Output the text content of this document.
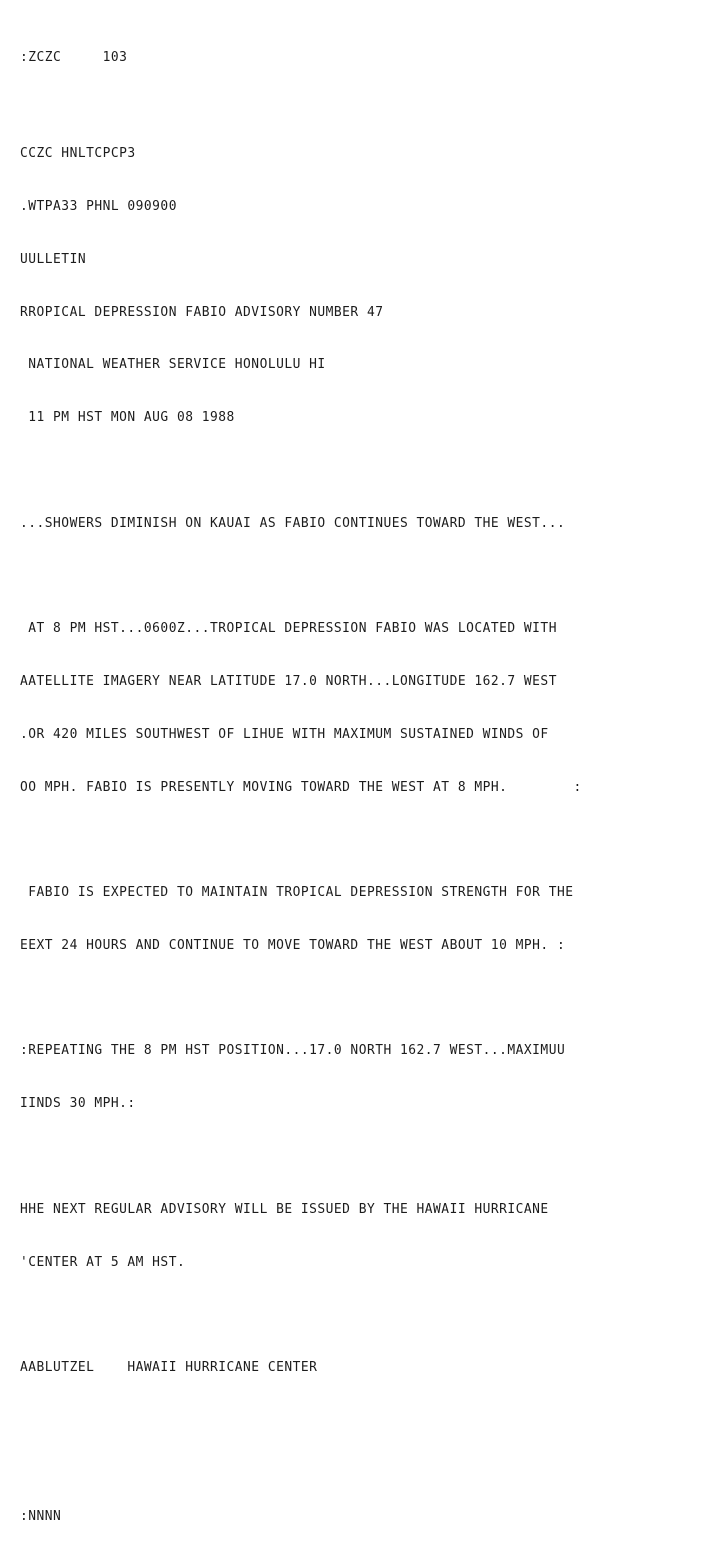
:ZCZC     103

CCZC HNLTCPCP3

.WTPA33 PHNL 090900

UULLETIN

RROPICAL DEPRESSION FABIO ADVISORY NUMBER 47

NATIONAL WEATHER SERVICE HONOLULU HI

11 PM HST MON AUG 08 1988

...SHOWERS DIMINISH ON KAUAI AS FABIO CONTINUES TOWARD THE WEST...

AT 8 PM HST...0600Z...TROPICAL DEPRESSION FABIO WAS LOCATED WITH

AATELLITE IMAGERY NEAR LATITUDE 17.0 NORTH...LONGITUDE 162.7 WEST

.OR 420 MILES SOUTHWEST OF LIHUE WITH MAXIMUM SUSTAINED WINDS OF

OO MPH. FABIO IS PRESENTLY MOVING TOWARD THE WEST AT 8 MPH.        :

FABIO IS EXPECTED TO MAINTAIN TROPICAL DEPRESSION STRENGTH FOR THE

EEXT 24 HOURS AND CONTINUE TO MOVE TOWARD THE WEST ABOUT 10 MPH. :

:REPEATING THE 8 PM HST POSITION...17.0 NORTH 162.7 WEST...MAXIMUU

IINDS 30 MPH.:

HHE NEXT REGULAR ADVISORY WILL BE ISSUED BY THE HAWAII HURRICANE

'CENTER AT 5 AM HST.

AABLUTZEL    HAWAII HURRICANE CENTER

:NNNN
